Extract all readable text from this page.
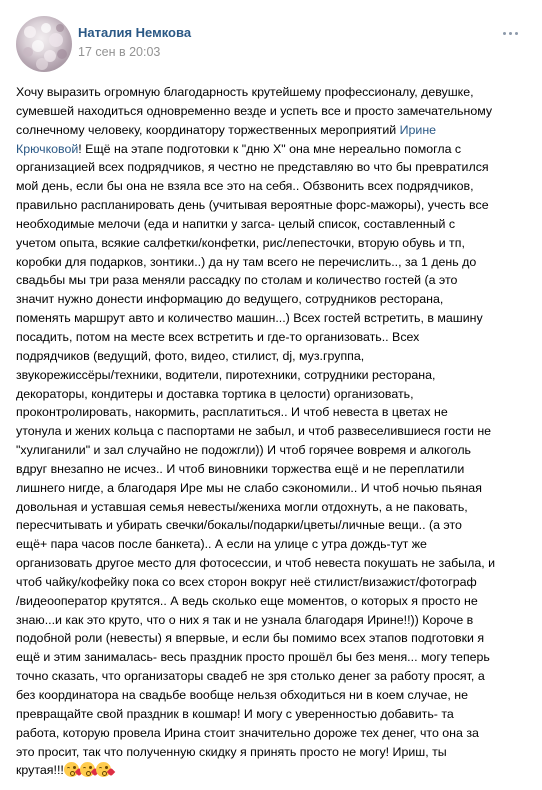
Наталия Немкова
17 сен в 20:03
Хочу выразить огромную благодарность крутейшему профессионалу, девушке,
сумевшей находиться одновременно везде и успеть все и просто замечательному
солнечному человеку, координатору торжественных мероприятий Ирине
Крючковой! Ещё на этапе подготовки к "дню Х" она мне нереально помогла с
организацией всех подрядчиков, я честно не представляю во что бы превратился
мой день, если бы она не взяла все это на себя.. Обзвонить всех подрядчиков,
правильно распланировать день (учитывая вероятные форс-мажоры), учесть все
необходимые мелочи (еда и напитки у загса- целый список, составленный с
учетом опыта, всякие салфетки/конфетки, рис/лепесточки, вторую обувь и тп,
коробки для подарков, зонтики..) да ну там всего не перечислить.., за 1 день до
свадьбы мы три раза меняли рассадку по столам и количество гостей (а это
значит нужно донести информацию до ведущего, сотрудников ресторана,
поменять маршрут авто и количество машин...) Всех гостей встретить, в машину
посадить, потом на месте всех встретить и где-то организовать.. Всех
подрядчиков (ведущий, фото, видео, стилист, dj, муз.группа,
звукорежиссёры/техники, водители, пиротехники, сотрудники ресторана,
декораторы, кондитеры и доставка тортика в целости) организовать,
проконтролировать, накормить, расплатиться.. И чтоб невеста в цветах не
утонула и жених кольца с паспортами не забыл, и чтоб развеселившиеся гости не
"хулиганили" и зал случайно не подожгли)) И чтоб горячее вовремя и алкоголь
вдруг внезапно не исчез.. И чтоб виновники торжества ещё и не переплатили
лишнего нигде, а благодаря Ире мы не слабо сэкономили.. И чтоб ночью пьяная
довольная и уставшая семья невесты/жениха могли отдохнуть, а не паковать,
пересчитывать и убирать свечки/бокалы/подарки/цветы/личные вещи.. (а это
ещё+ пара часов после банкета).. А если на улице с утра дождь-тут же
организовать другое место для фотосессии, и чтоб невеста покушать не забыла, и
чтоб чайку/кофейку пока со всех сторон вокруг неё стилист/визажист/фотограф
/видеооператор крутятся.. А ведь сколько еще моментов, о которых я просто не
знаю...и как это круто, что о них я так и не узнала благодаря Ирине!!)) Короче в
подобной роли (невесты) я впервые, и если бы помимо всех этапов подготовки я
ещё и этим занималась- весь праздник просто прошёл бы без меня... могу теперь
точно сказать, что организаторы свадеб не зря столько денег за работу просят, а
без координатора на свадьбе вообще нельзя обходиться ни в коем случае, не
превращайте свой праздник в кошмар! И могу с уверенностью добавить- та
работа, которую провела Ирина стоит значительно дороже тех денег, что она за
это просит, так что полученную скидку я принять просто не могу! Ириш, ты
крутая!!!
